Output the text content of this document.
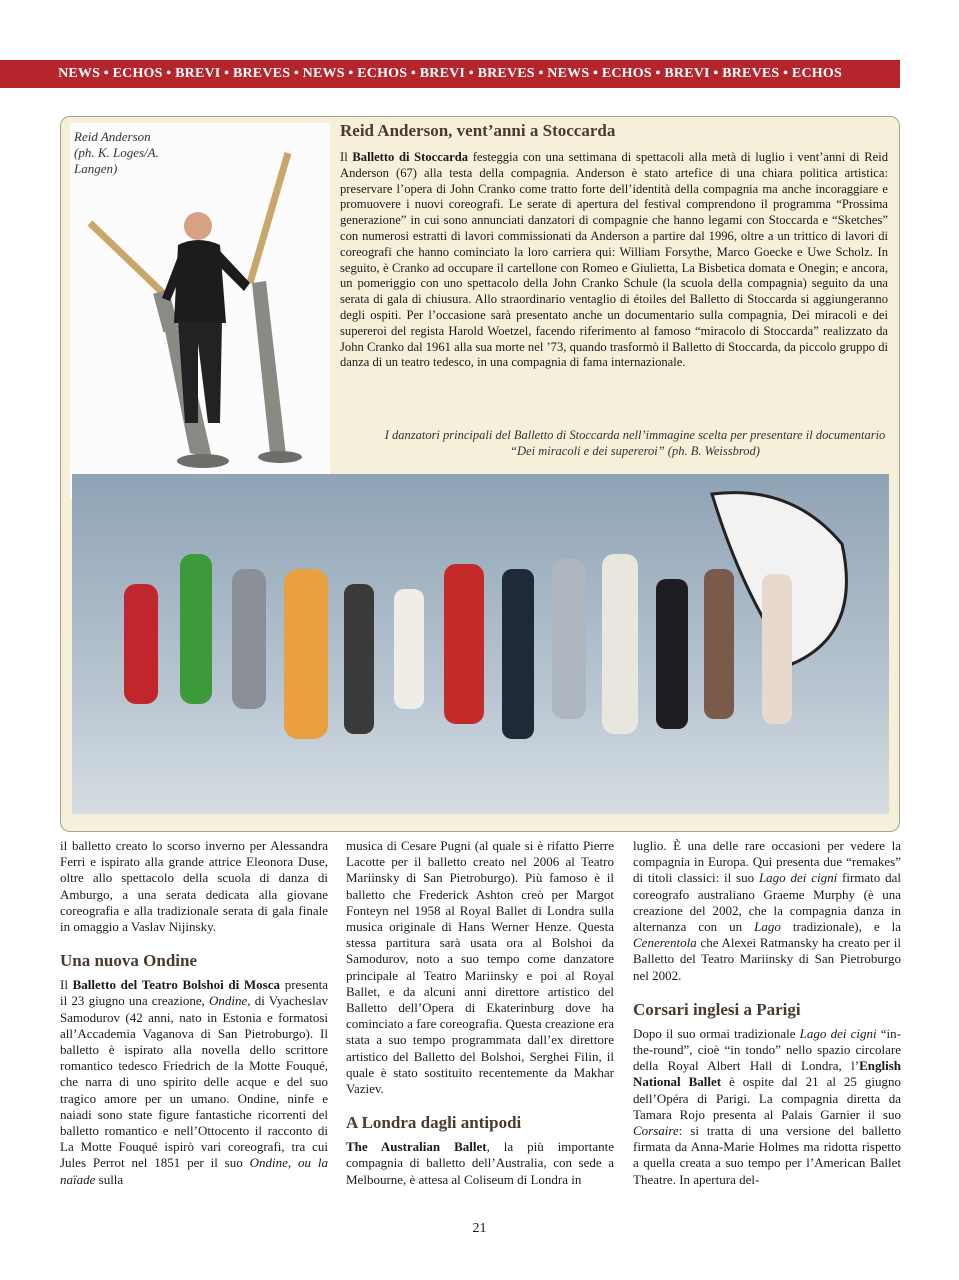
NEWS • ECHOS • BREVI • BREVES • NEWS • ECHOS • BREVI • BREVES • NEWS • ECHOS • BREVI • BREVES • ECHOS
Reid Anderson
(ph. K. Loges/A.
Langen)
Reid Anderson, vent’anni a Stoccarda

Il Balletto di Stoccarda festeggia con una settimana di spettacoli alla metà di luglio i vent’anni di Reid Anderson (67) alla testa della compagnia. Anderson è stato artefice di una chiara politica artistica: preservare l’opera di John Cranko come tratto forte dell’identità della compagnia ma anche incoraggiare e promuovere i nuovi coreografi. Le serate di apertura del festival comprendono il programma “Prossima generazione” in cui sono annunciati danzatori di compagnie che hanno legami con Stoccarda e “Sketches” con numerosi estratti di lavori commissionati da Anderson a partire dal 1996, oltre a un trittico di lavori di coreografi che hanno cominciato la loro carriera qui: William Forsythe, Marco Goecke e Uwe Scholz. In seguito, è Cranko ad occupare il cartellone con Romeo e Giulietta, La Bisbetica domata e Onegin; e ancora, un pomeriggio con uno spettacolo della John Cranko Schule (la scuola della compagnia) seguito da una serata di gala di chiusura. Allo straordinario ventaglio di étoiles del Balletto di Stoccarda si aggiungeranno degli ospiti. Per l’occasione sarà presentato anche un documentario sulla compagnia, Dei miracoli e dei supereroi del regista Harold Woetzel, facendo riferimento al famoso “miracolo di Stoccarda” realizzato da John Cranko dal 1961 alla sua morte nel ’73, quando trasformò il Balletto di Stoccarda, da piccolo gruppo di danza di un teatro tedesco, in una compagnia di fama internazionale.

I danzatori principali del Balletto di Stoccarda nell’immagine scelta per presentare il documentario “Dei miracoli e dei supereroi” (ph. B. Weissbrod)

il balletto creato lo scorso inverno per Alessandra Ferri e ispirato alla grande attrice Eleonora Duse, oltre allo spettacolo della scuola di danza di Amburgo, a una serata dedicata alla giovane coreografia e alla tradizionale serata di gala finale in omaggio a Vaslav Nijinsky.

Una nuova Ondine

Il Balletto del Teatro Bolshoi di Mosca presenta il 23 giugno una creazione, Ondine, di Vyacheslav Samodurov (42 anni, nato in Estonia e formatosi all’Accademia Vaganova di San Pietroburgo). Il balletto è ispirato alla novella dello scrittore romantico tedesco Friedrich de la Motte Fouqué, che narra di uno spirito delle acque e del suo tragico amore per un umano. Ondine, ninfe e naiadi sono state figure fantastiche ricorrenti del balletto romantico e nell’Ottocento il racconto di La Motte Fouqué ispirò vari coreografi, tra cui Jules Perrot nel 1851 per il suo Ondine, ou la naïade sulla

musica di Cesare Pugni (al quale si è rifatto Pierre Lacotte per il balletto creato nel 2006 al Teatro Mariinsky di San Pietroburgo). Più famoso è il balletto che Frederick Ashton creò per Margot Fonteyn nel 1958 al Royal Ballet di Londra sulla musica originale di Hans Werner Henze. Questa stessa partitura sarà usata ora al Bolshoi da Samodurov, noto a suo tempo come danzatore principale al Teatro Mariinsky e poi al Royal Ballet, e da alcuni anni direttore artistico del Balletto dell’Opera di Ekaterinburg dove ha cominciato a fare coreografia. Questa creazione era stata a suo tempo programmata dall’ex direttore artistico del Balletto del Bolshoi, Serghei Filin, il quale è stato sostituito recentemente da Makhar Vaziev.

A Londra dagli antipodi

The Australian Ballet, la più importante compagnia di balletto dell’Australia, con sede a Melbourne, è attesa al Coliseum di Londra in

luglio. È una delle rare occasioni per vedere la compagnia in Europa. Qui presenta due “remakes” di titoli classici: il suo Lago dei cigni firmato dal coreografo australiano Graeme Murphy (è una creazione del 2002, che la compagnia danza in alternanza con un Lago tradizionale), e la Cenerentola che Alexei Ratmansky ha creato per il Balletto del Teatro Mariinsky di San Pietroburgo nel 2002.

Corsari inglesi a Parigi

Dopo il suo ormai tradizionale Lago dei cigni “in-the-round”, cioè “in tondo” nello spazio circolare della Royal Albert Hall di Londra, l’English National Ballet è ospite dal 21 al 25 giugno dell’Opéra di Parigi. La compagnia diretta da Tamara Rojo presenta al Palais Garnier il suo Corsaire: si tratta di una versione del balletto firmata da Anna-Marie Holmes ma ridotta rispetto a quella creata a suo tempo per l’American Ballet Theatre. In apertura del-

21
